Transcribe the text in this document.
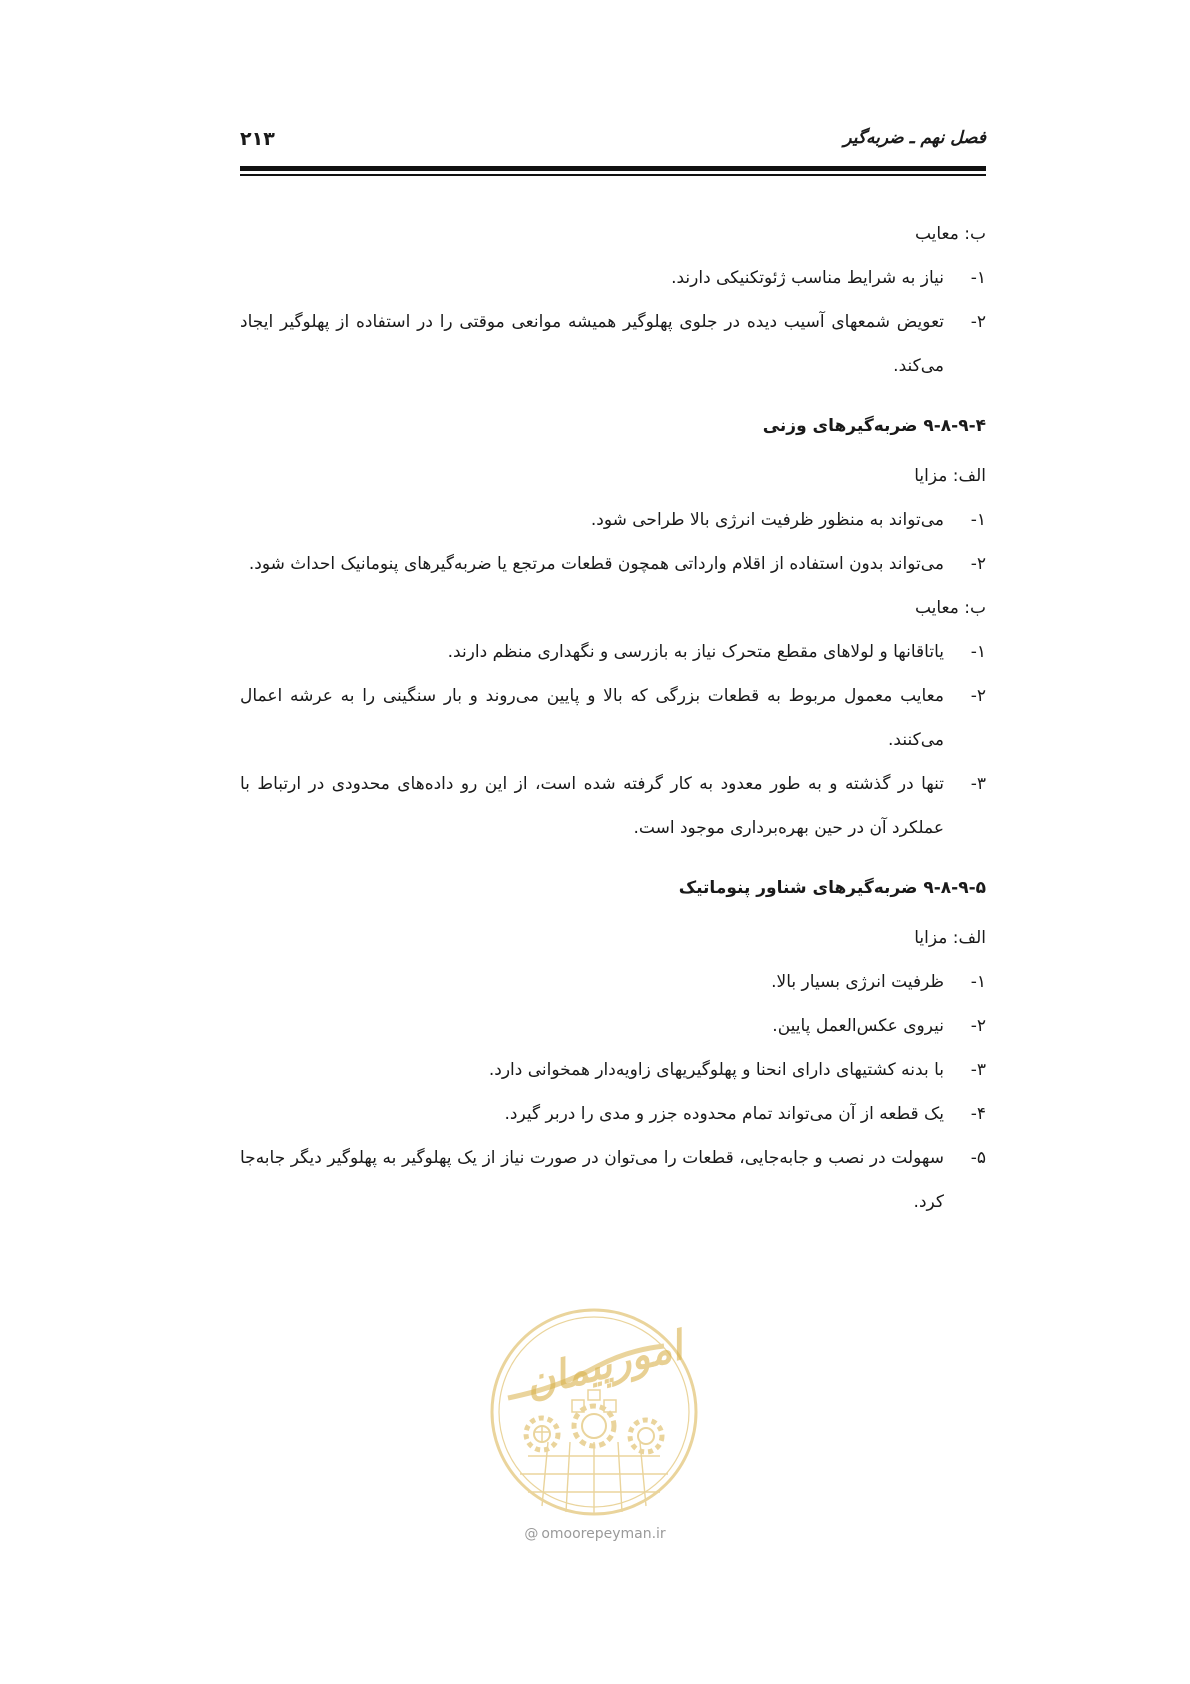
فصل نهم ـ ضربه‌گیر
۲۱۳

ب: معایب

۱-
نیاز به شرایط مناسب ژئوتکنیکی دارند.
۲-
تعویض شمعهای آسیب دیده در جلوی پهلوگیر همیشه موانعی موقتی را در استفاده از پهلوگیر ایجاد می‌کند.

۹-۸-۹-۴ ضربه‌گیرهای وزنی

الف: مزایا

۱-
می‌تواند به منظور ظرفیت انرژی بالا طراحی شود.
۲-
می‌تواند بدون استفاده از اقلام وارداتی همچون قطعات مرتجع یا ضربه‌گیرهای پنومانیک احداث شود.

ب: معایب

۱-
یاتاقانها و لولاهای مقطع متحرک نیاز به بازرسی و نگهداری منظم دارند.
۲-
معایب معمول مربوط به قطعات بزرگی که بالا و پایین می‌روند و بار سنگینی را به عرشه اعمال می‌کنند.
۳-
تنها در گذشته و به طور معدود به کار گرفته شده است، از این رو داده‌های محدودی در ارتباط با عملکرد آن در حین بهره‌برداری موجود است.

۹-۸-۹-۵ ضربه‌گیرهای شناور پنوماتیک

الف: مزایا

۱-
ظرفیت انرژی بسیار بالا.
۲-
نیروی عکس‌العمل پایین.
۳-
با بدنه کشتیهای دارای انحنا و پهلوگیریهای زاویه‌دار همخوانی دارد.
۴-
یک قطعه از آن می‌تواند تمام محدوده جزر و مدی را دربر گیرد.
۵-
سهولت در نصب و جابه‌جایی، قطعات را می‌توان در صورت نیاز از یک پهلوگیر به پهلوگیر دیگر جابه‌جا کرد.
امورپیمان
@ omoorepeyman.ir
